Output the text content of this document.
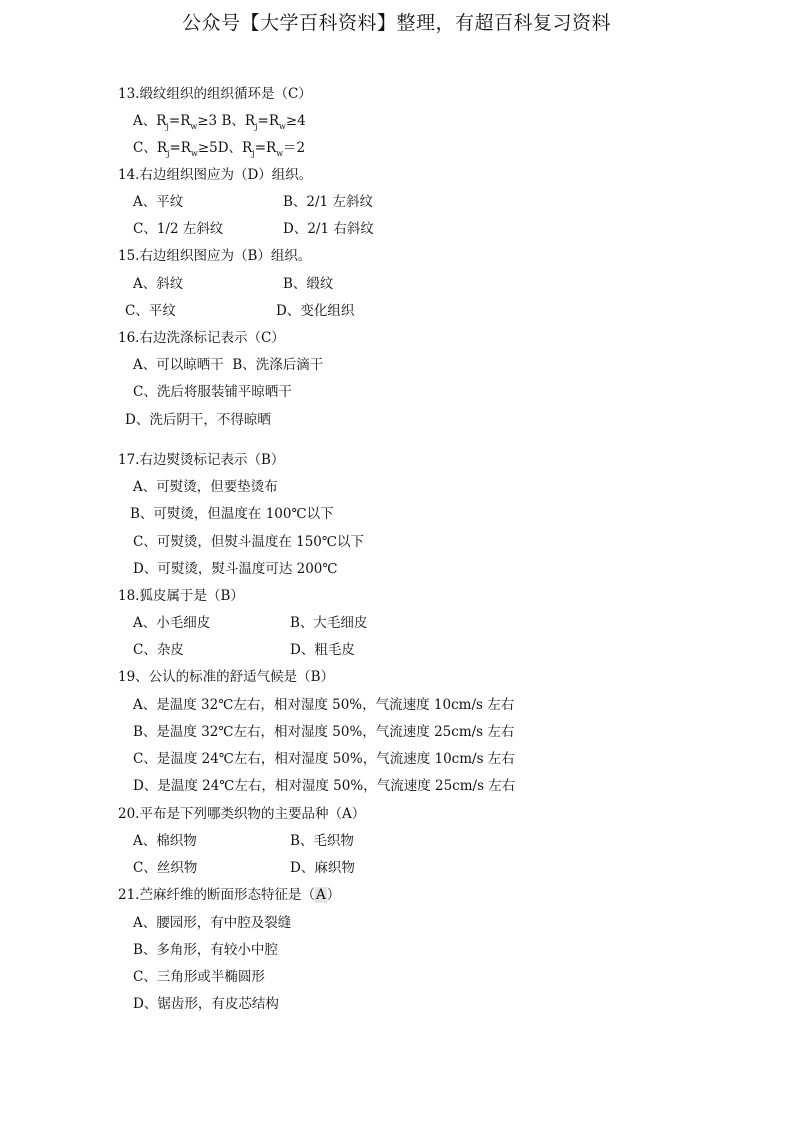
公众号【大学百科资料】整理，有超百科复习资料
13.缎纹组织的组织循环是（C）
A、$R_j=R_w\ge 3$ B、$R_j=R_w\ge 4$
C、$R_j=R_w\ge 5D$、$R_j=R_w=2$
14.右边组织图应为（D）组织。
A、平纹	B、2/1 左斜纹
C、1/2 左斜纹	D、2/1 右斜纹
15.右边组织图应为（B）组织。
A、斜纹	B、缎纹
C、平纹	D、变化组织
16.右边洗涤标记表示（C）
A、可以晾晒干  B、洗涤后滴干
C、洗后将服装铺平晾晒干
D、洗后阴干，不得晾晒
17.右边熨烫标记表示（B）
A、可熨烫，但要垫烫布
B、可熨烫，但温度在 100℃以下
C、可熨烫，但熨斗温度在 150℃以下
D、可熨烫，熨斗温度可达 200℃
18.狐皮属于是（B）
A、小毛细皮	B、大毛细皮
C、杂皮	D、粗毛皮
19、公认的标准的舒适气候是（B）
A、是温度 32℃左右，相对湿度 50%，气流速度 10cm/s 左右
B、是温度 32℃左右，相对湿度 50%，气流速度 25cm/s 左右
C、是温度 24℃左右，相对湿度 50%，气流速度 10cm/s 左右
D、是温度 24℃左右，相对湿度 50%，气流速度 25cm/s 左右
20.平布是下列哪类织物的主要品种（A）
A、棉织物	B、毛织物
C、丝织物	D、麻织物
21.苎麻纤维的断面形态特征是（A）
A、腰园形，有中腔及裂缝
B、多角形，有较小中腔
C、三角形或半椭圆形
D、锯齿形，有皮芯结构
